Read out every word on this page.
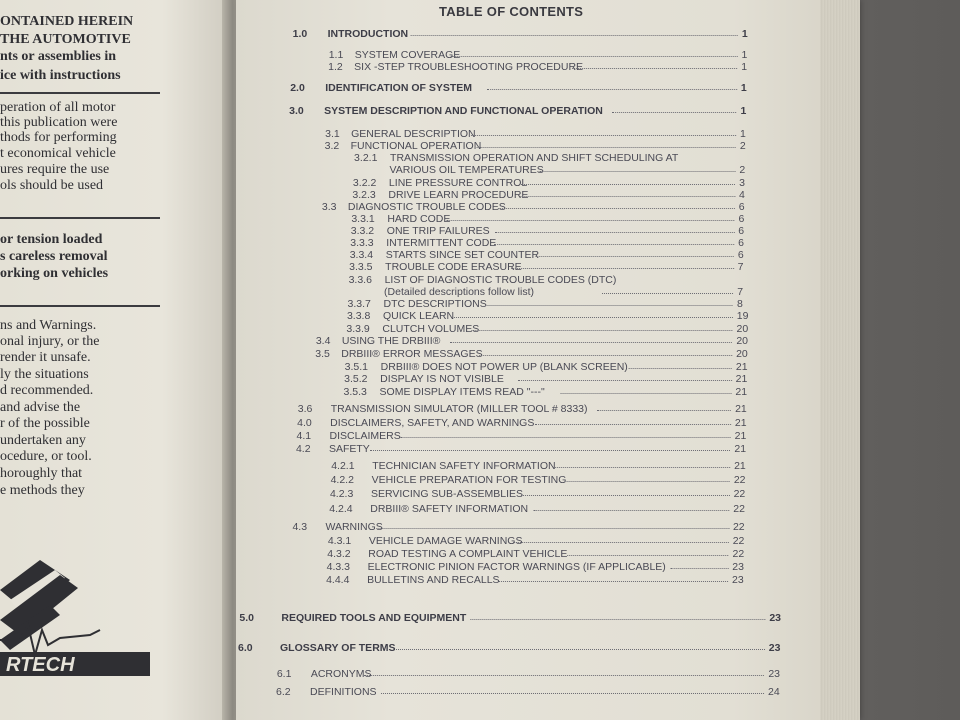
ONTAINED HEREIN
THE AUTOMOTIVE
nts or assemblies in
ice with instructions
peration of all motor
this publication were
thods for performing
t economical vehicle
ures require the use
ols should be used
or tension loaded
s careless removal
orking on vehicles
ns and Warnings.
onal injury, or the
render it unsafe.
ly the situations
d recommended.
and advise the
r of the possible
undertaken any
ocedure, or tool.
horoughly that
e methods they
RTECH
TABLE OF CONTENTS
1.0 INTRODUCTION	1
1.1 SYSTEM COVERAGE	1
1.2 SIX -STEP TROUBLESHOOTING PROCEDURE	1
2.0 IDENTIFICATION OF SYSTEM	1
3.0 SYSTEM DESCRIPTION AND FUNCTIONAL OPERATION	1
3.1 GENERAL DESCRIPTION	1
3.2 FUNCTIONAL OPERATION	2
3.2.1 TRANSMISSION OPERATION AND SHIFT SCHEDULING AT
VARIOUS OIL TEMPERATURES	2
3.2.2 LINE PRESSURE CONTROL	3
3.2.3 DRIVE LEARN PROCEDURE	4
3.3 DIAGNOSTIC TROUBLE CODES	6
3.3.1 HARD CODE	6
3.3.2 ONE TRIP FAILURES	6
3.3.3 INTERMITTENT CODE	6
3.3.4 STARTS SINCE SET COUNTER	6
3.3.5 TROUBLE CODE ERASURE	7
3.3.6 LIST OF DIAGNOSTIC TROUBLE CODES (DTC)
(Detailed descriptions follow list)	7
3.3.7 DTC DESCRIPTIONS	8
3.3.8 QUICK LEARN	19
3.3.9 CLUTCH VOLUMES	20
3.4 USING THE DRBIII®	20
3.5 DRBIII® ERROR MESSAGES	20
3.5.1 DRBIII® DOES NOT POWER UP (BLANK SCREEN)	21
3.5.2 DISPLAY IS NOT VISIBLE	21
3.5.3 SOME DISPLAY ITEMS READ "---"	21
3.6 TRANSMISSION SIMULATOR (MILLER TOOL # 8333)	21
4.0 DISCLAIMERS, SAFETY, AND WARNINGS	21
4.1 DISCLAIMERS	21
4.2 SAFETY	21
4.2.1 TECHNICIAN SAFETY INFORMATION	21
4.2.2 VEHICLE PREPARATION FOR TESTING	22
4.2.3 SERVICING SUB-ASSEMBLIES	22
4.2.4 DRBIII® SAFETY INFORMATION	22
4.3 WARNINGS	22
4.3.1 VEHICLE DAMAGE WARNINGS	22
4.3.2 ROAD TESTING A COMPLAINT VEHICLE	22
4.3.3 ELECTRONIC PINION FACTOR WARNINGS (IF APPLICABLE)	23
4.4.4 BULLETINS AND RECALLS	23
5.0	REQUIRED TOOLS AND EQUIPMENT	23
6.0	GLOSSARY OF TERMS	23
6.1 ACRONYMS	23
6.2 DEFINITIONS	24
